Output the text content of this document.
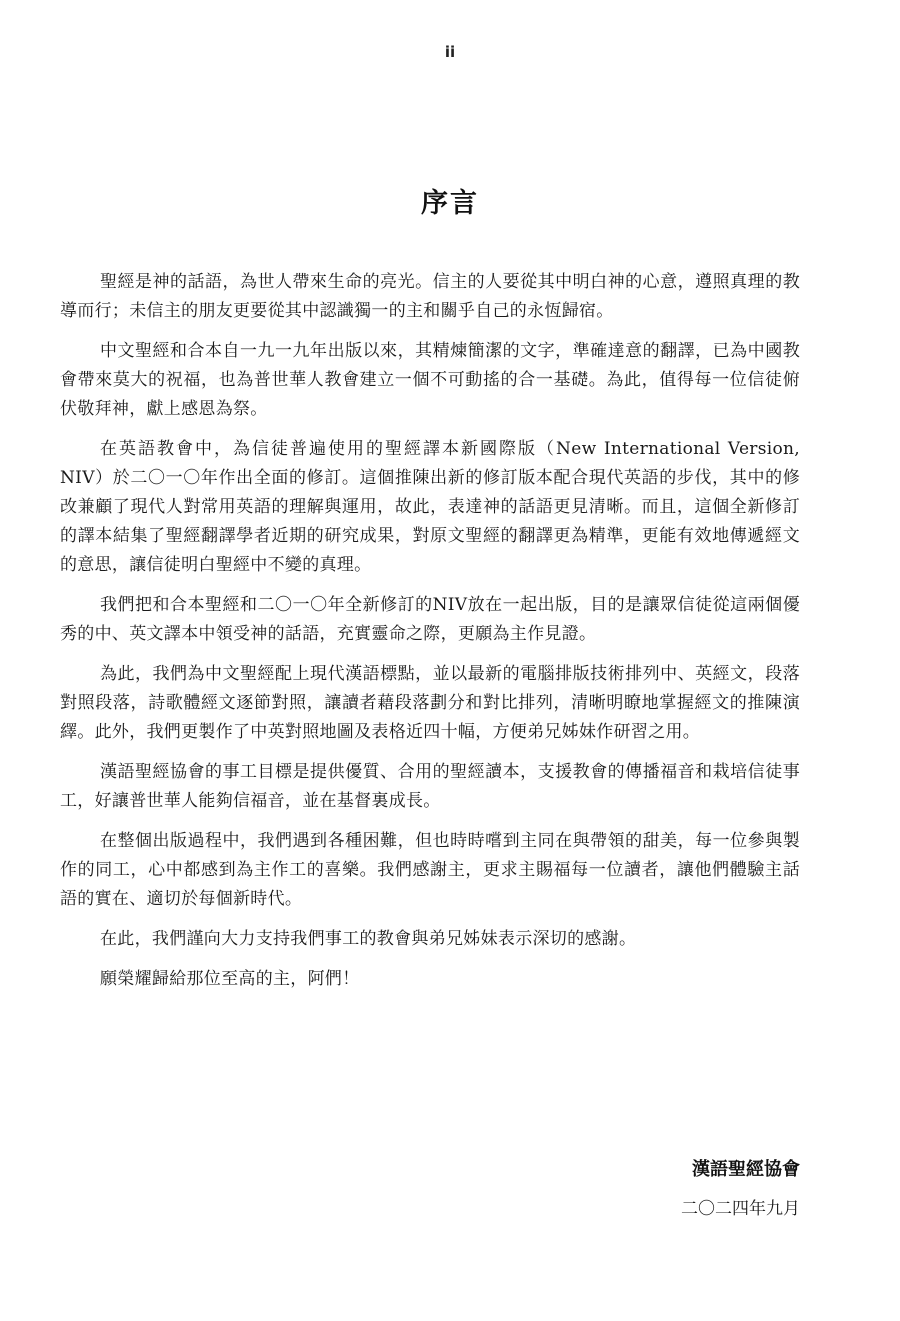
ii
序言

聖經是神的話語，為世人帶來生命的亮光。信主的人要從其中明白神的心意，遵照真理的教導而行；未信主的朋友更要從其中認識獨一的主和關乎自己的永恆歸宿。

中文聖經和合本自一九一九年出版以來，其精煉簡潔的文字，準確達意的翻譯，已為中國教會帶來莫大的祝福，也為普世華人教會建立一個不可動搖的合一基礎。為此，值得每一位信徒俯伏敬拜神，獻上感恩為祭。

在英語教會中，為信徒普遍使用的聖經譯本新國際版（New International Version, NIV）於二〇一〇年作出全面的修訂。這個推陳出新的修訂版本配合現代英語的步伐，其中的修改兼顧了現代人對常用英語的理解與運用，故此，表達神的話語更見清晰。而且，這個全新修訂的譯本結集了聖經翻譯學者近期的研究成果，對原文聖經的翻譯更為精準，更能有效地傳遞經文的意思，讓信徒明白聖經中不變的真理。

我們把和合本聖經和二〇一〇年全新修訂的NIV放在一起出版，目的是讓眾信徒從這兩個優秀的中、英文譯本中領受神的話語，充實靈命之際，更願為主作見證。

為此，我們為中文聖經配上現代漢語標點，並以最新的電腦排版技術排列中、英經文，段落對照段落，詩歌體經文逐節對照，讓讀者藉段落劃分和對比排列，清晰明瞭地掌握經文的推陳演繹。此外，我們更製作了中英對照地圖及表格近四十幅，方便弟兄姊妹作研習之用。

漢語聖經協會的事工目標是提供優質、合用的聖經讀本，支援教會的傳播福音和栽培信徒事工，好讓普世華人能夠信福音，並在基督裏成長。

在整個出版過程中，我們遇到各種困難，但也時時嚐到主同在與帶領的甜美，每一位參與製作的同工，心中都感到為主作工的喜樂。我們感謝主，更求主賜福每一位讀者，讓他們體驗主話語的實在、適切於每個新時代。

在此，我們謹向大力支持我們事工的教會與弟兄姊妹表示深切的感謝。

願榮耀歸給那位至高的主，阿們！

漢語聖經協會
二〇二四年九月
